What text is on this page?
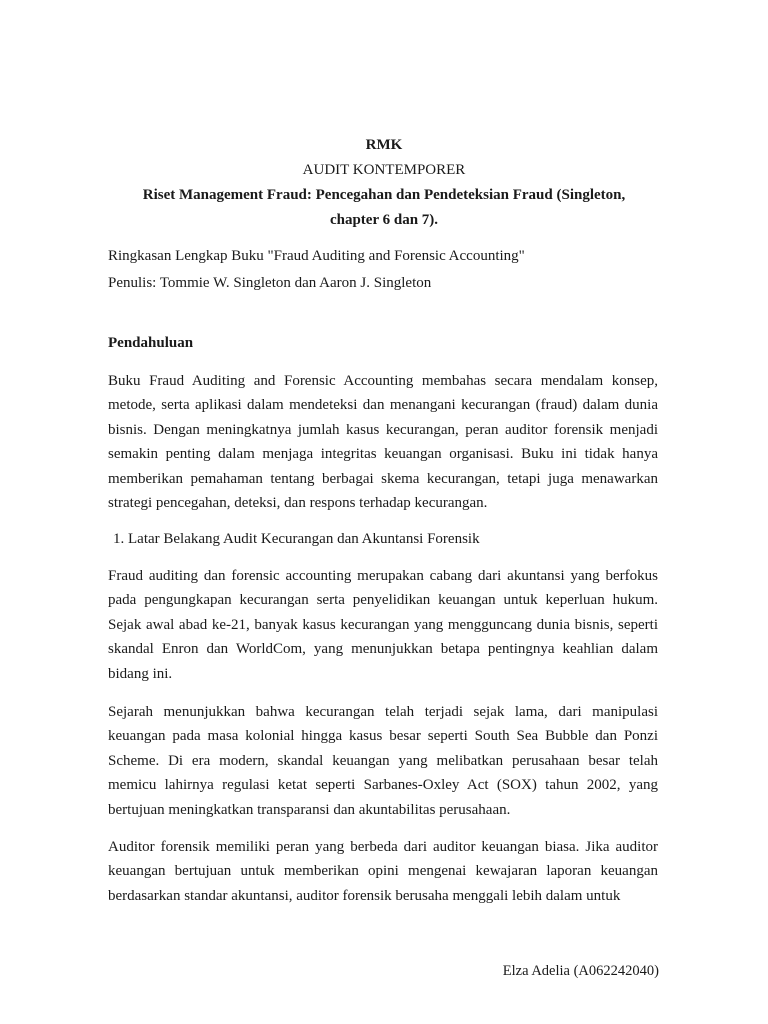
RMK
AUDIT KONTEMPORER
Riset Management Fraud: Pencegahan dan Pendeteksian Fraud (Singleton,
chapter 6 dan 7).
Ringkasan Lengkap Buku "Fraud Auditing and Forensic Accounting"
Penulis: Tommie W. Singleton dan Aaron J. Singleton
Pendahuluan

Buku Fraud Auditing and Forensic Accounting membahas secara mendalam konsep, metode, serta aplikasi dalam mendeteksi dan menangani kecurangan (fraud) dalam dunia bisnis. Dengan meningkatnya jumlah kasus kecurangan, peran auditor forensik menjadi semakin penting dalam menjaga integritas keuangan organisasi. Buku ini tidak hanya memberikan pemahaman tentang berbagai skema kecurangan, tetapi juga menawarkan strategi pencegahan, deteksi, dan respons terhadap kecurangan.

1. Latar Belakang Audit Kecurangan dan Akuntansi Forensik

Fraud auditing dan forensic accounting merupakan cabang dari akuntansi yang berfokus pada pengungkapan kecurangan serta penyelidikan keuangan untuk keperluan hukum. Sejak awal abad ke-21, banyak kasus kecurangan yang mengguncang dunia bisnis, seperti skandal Enron dan WorldCom, yang menunjukkan betapa pentingnya keahlian dalam bidang ini.

Sejarah menunjukkan bahwa kecurangan telah terjadi sejak lama, dari manipulasi keuangan pada masa kolonial hingga kasus besar seperti South Sea Bubble dan Ponzi Scheme. Di era modern, skandal keuangan yang melibatkan perusahaan besar telah memicu lahirnya regulasi ketat seperti Sarbanes-Oxley Act (SOX) tahun 2002, yang bertujuan meningkatkan transparansi dan akuntabilitas perusahaan.

Auditor forensik memiliki peran yang berbeda dari auditor keuangan biasa. Jika auditor keuangan bertujuan untuk memberikan opini mengenai kewajaran laporan keuangan berdasarkan standar akuntansi, auditor forensik berusaha menggali lebih dalam untuk

Elza Adelia (A062242040)
